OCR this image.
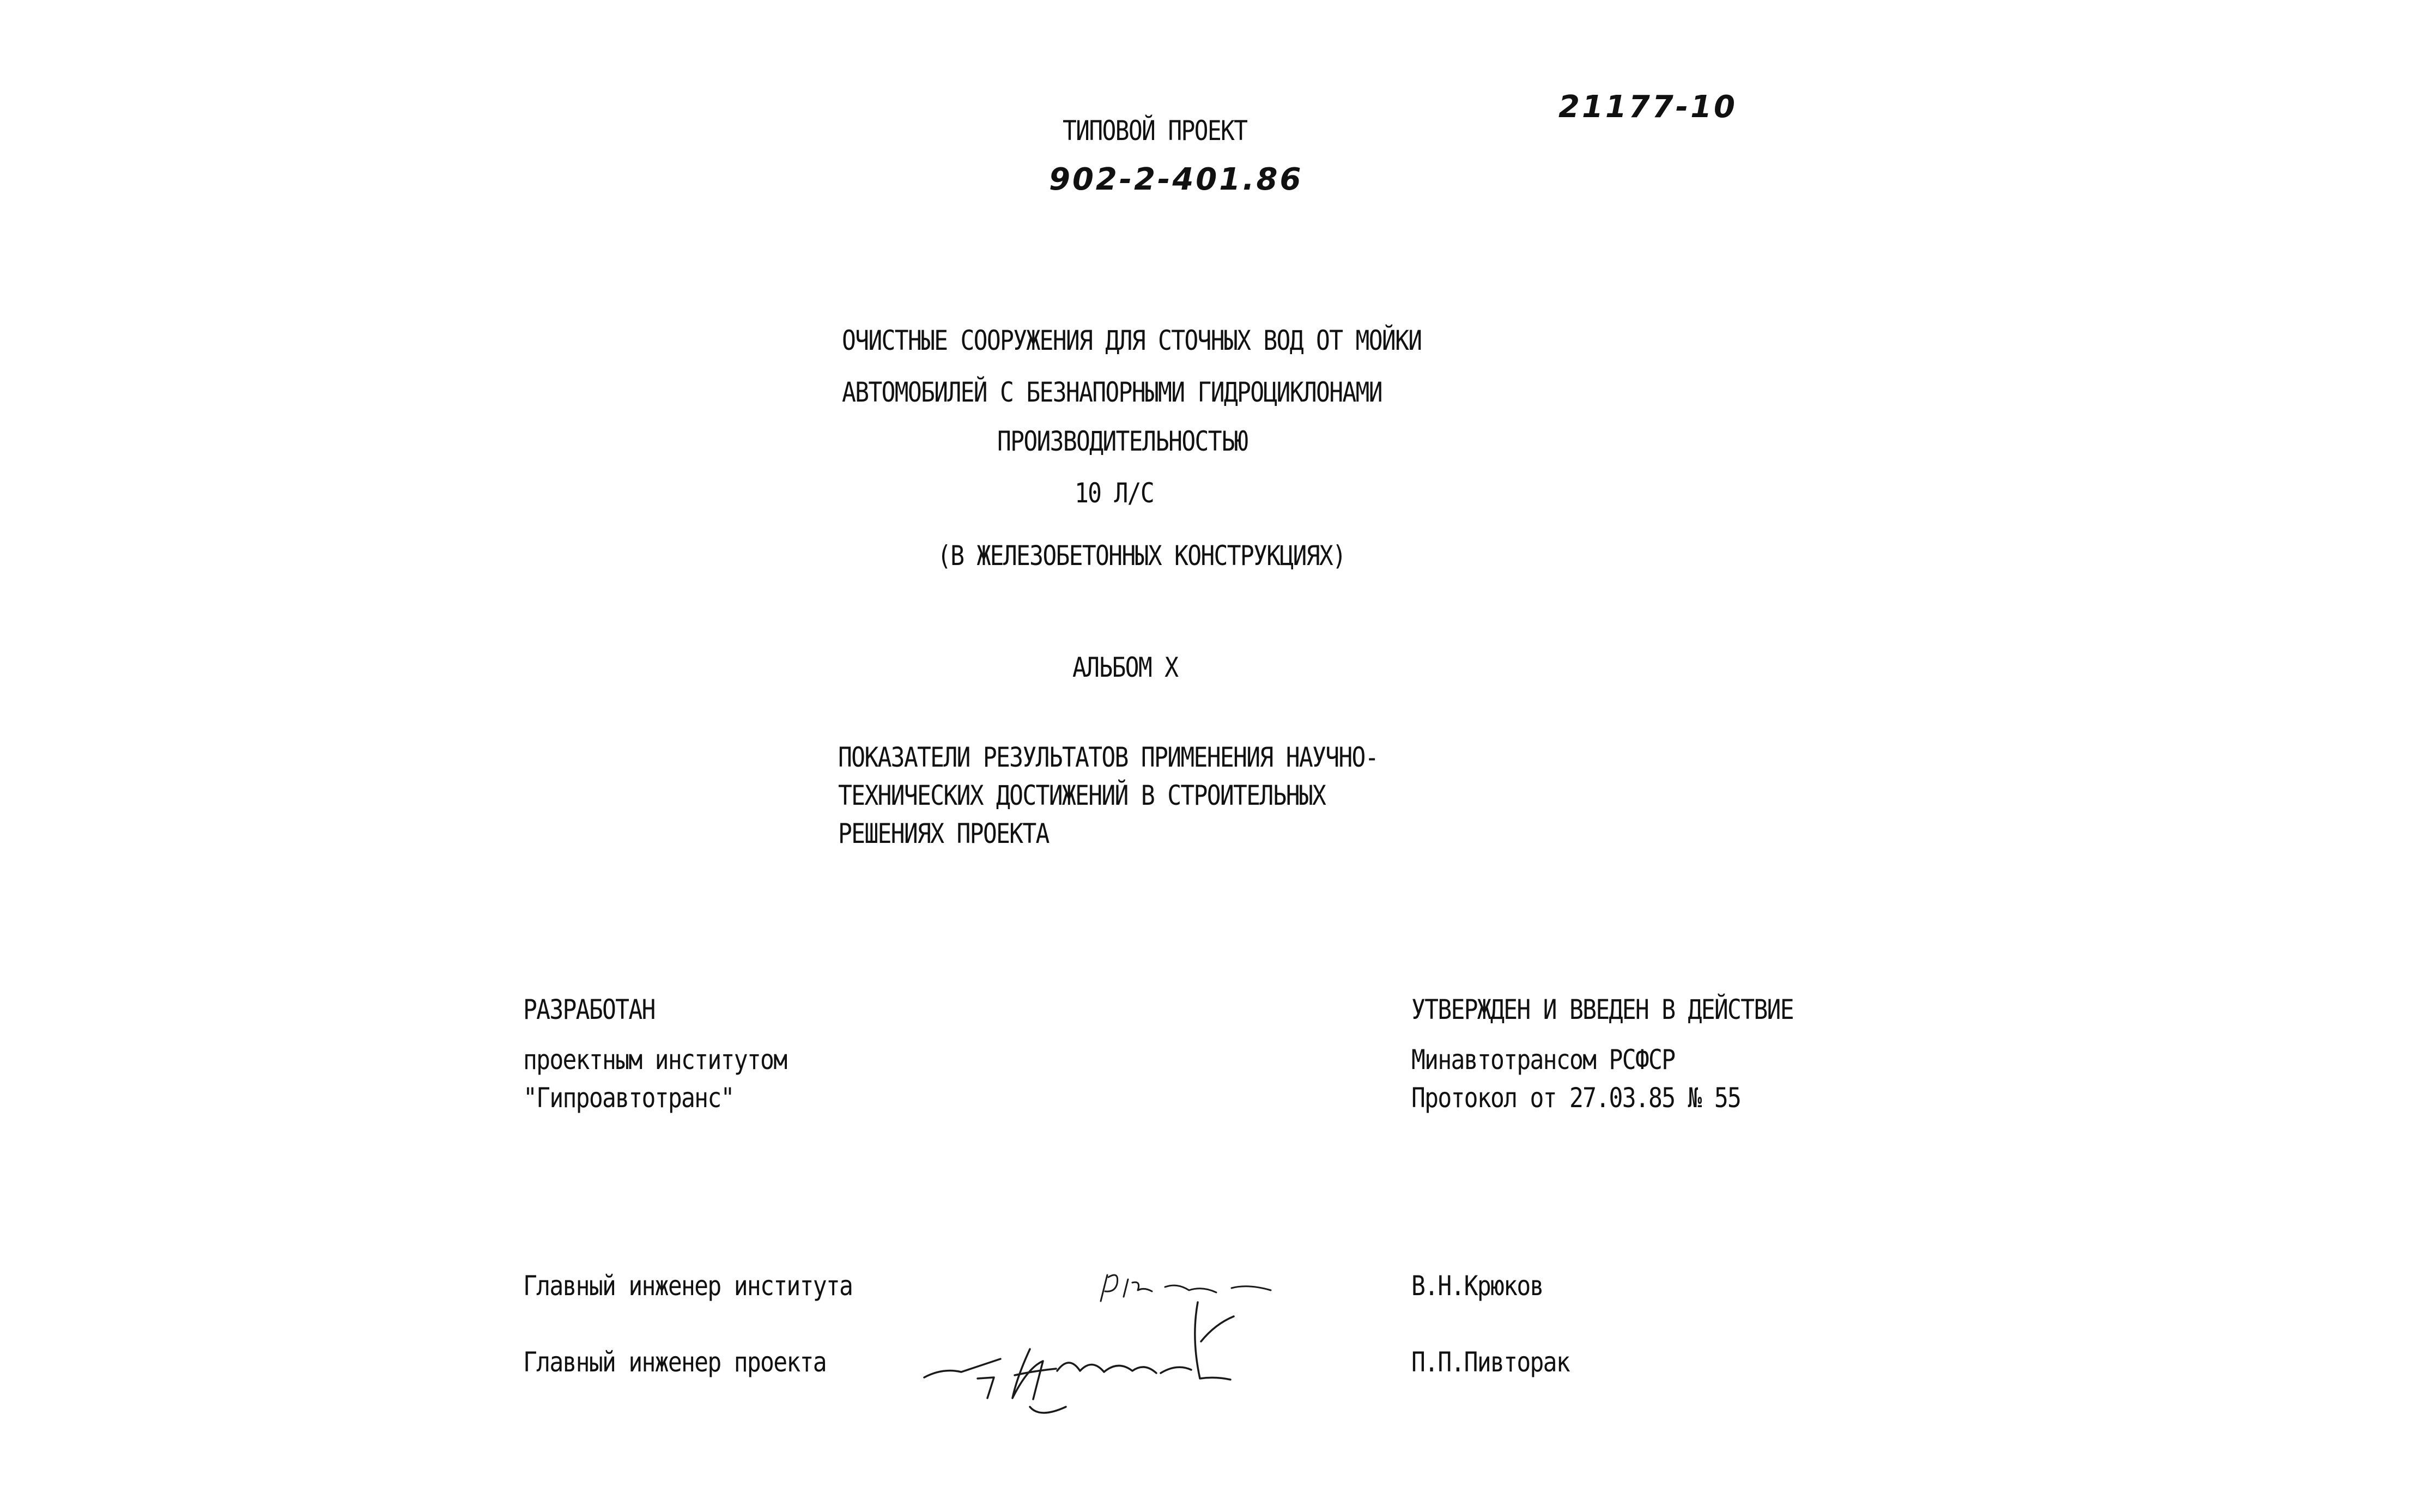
ТИПОВОЙ ПРОЕКТ
902-2-401.86
21177-10
ОЧИСТНЫЕ СООРУЖЕНИЯ ДЛЯ СТОЧНЫХ ВОД ОТ МОЙКИ
АВТОМОБИЛЕЙ С БЕЗНАПОРНЫМИ ГИДРОЦИКЛОНАМИ
ПРОИЗВОДИТЕЛЬНОСТЬЮ
10 Л/С
(В ЖЕЛЕЗОБЕТОННЫХ КОНСТРУКЦИЯХ)
АЛЬБОМ X
ПОКАЗАТЕЛИ РЕЗУЛЬТАТОВ ПРИМЕНЕНИЯ НАУЧНО-
ТЕХНИЧЕСКИХ ДОСТИЖЕНИЙ В СТРОИТЕЛЬНЫХ
РЕШЕНИЯХ ПРОЕКТА
РАЗРАБОТАН
проектным институтом
"Гипроавтотранс"
УТВЕРЖДЕН И ВВЕДЕН В ДЕЙСТВИЕ
Минавтотрансом РСФСР
Протокол от 27.03.85 № 55
Главный инженер института	В.Н.Крюков
Главный инженер проекта	П.П.Пивторак
